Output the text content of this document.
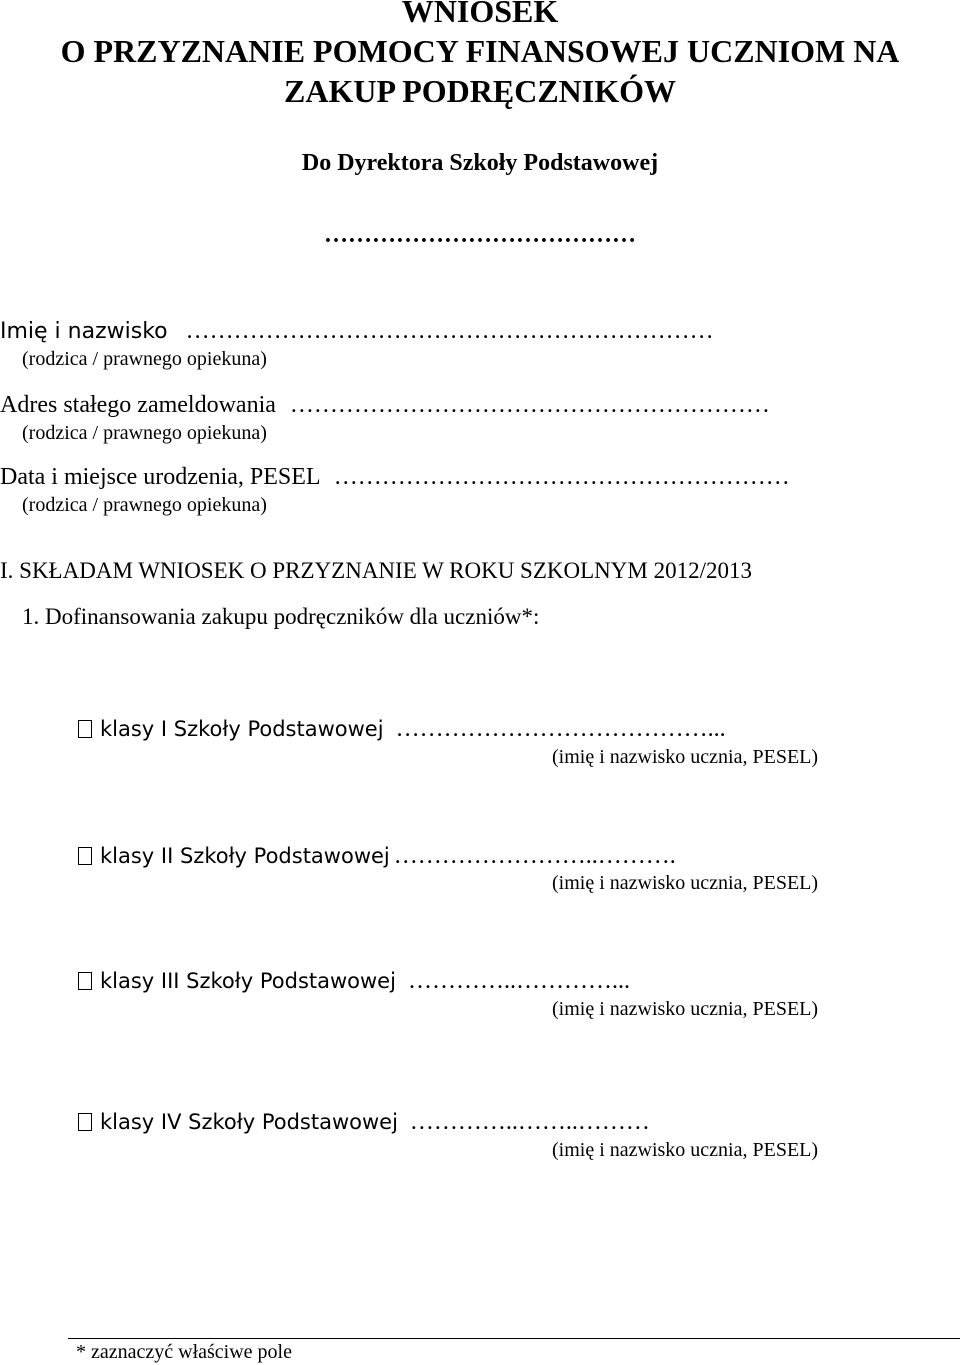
WNIOSEK
O PRZYZNANIE POMOCY FINANSOWEJ UCZNIOM NA
ZAKUP PODRĘCZNIKÓW
Do Dyrektora Szkoły Podstawowej
…………………………………
Imię i nazwisko …………………………………………………………
(rodzica / prawnego opiekuna)
Adres stałego zameldowania ……………………………………………………
(rodzica / prawnego opiekuna)
Data i miejsce urodzenia, PESEL …………………………………………………
(rodzica / prawnego opiekuna)
I. SKŁADAM WNIOSEK O PRZYZNANIE W ROKU SZKOLNYM 2012/2013
1. Dofinansowania zakupu podręczników dla uczniów*:
klasy I Szkoły Podstawowej …………………………………...
(imię i nazwisko ucznia, PESEL)
klasy II Szkoły Podstawowej ……………………..……….
(imię i nazwisko ucznia, PESEL)
klasy III Szkoły Podstawowej …………..…………...
(imię i nazwisko ucznia, PESEL)
klasy IV Szkoły Podstawowej …………..……..………
(imię i nazwisko ucznia, PESEL)
* zaznaczyć właściwe pole
